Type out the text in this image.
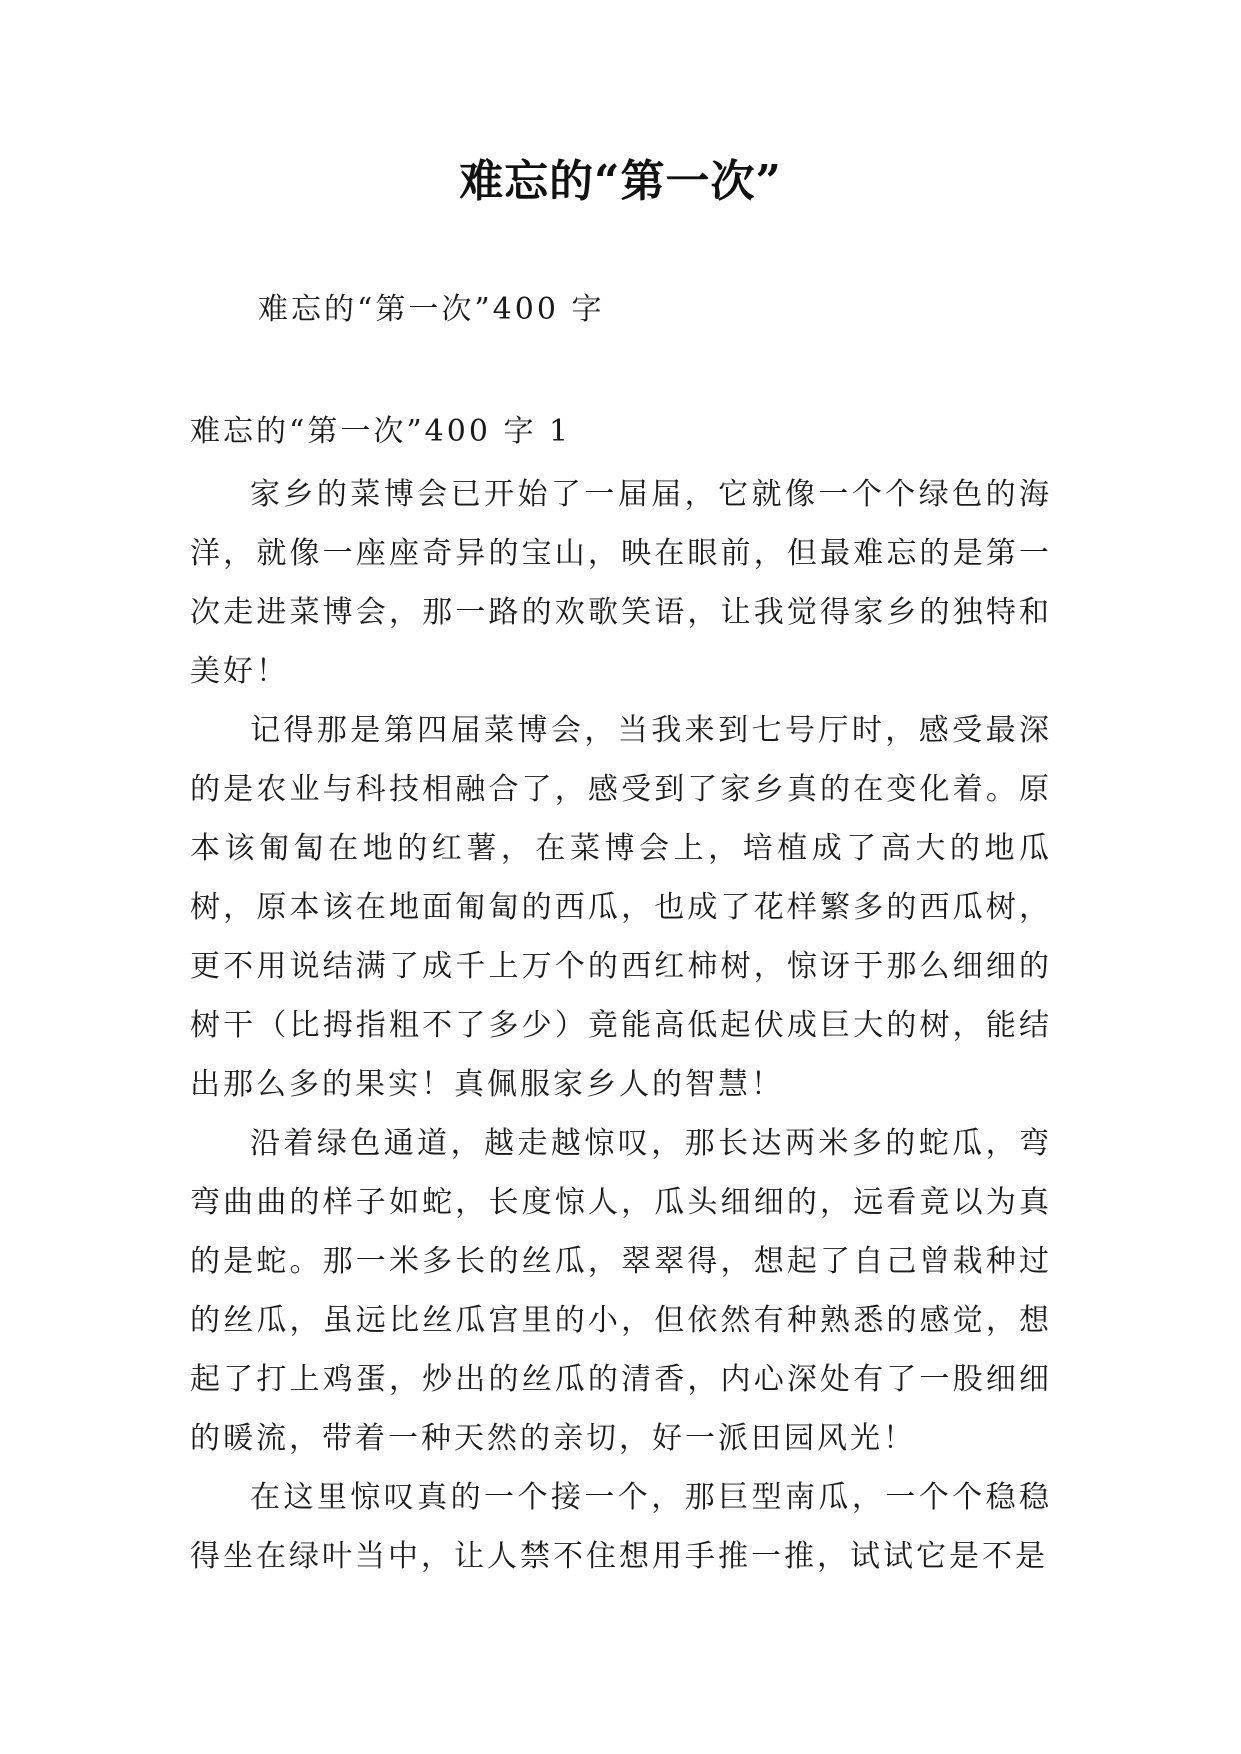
难忘的“第一次”
难忘的“第一次”400 字
难忘的“第一次”400 字 1

家乡的菜博会已开始了一届届，它就像一个个绿色的海洋，就像一座座奇异的宝山，映在眼前，但最难忘的是第一次走进菜博会，那一路的欢歌笑语，让我觉得家乡的独特和美好！

记得那是第四届菜博会，当我来到七号厅时，感受最深的是农业与科技相融合了，感受到了家乡真的在变化着。原本该匍匐在地的红薯，在菜博会上，培植成了高大的地瓜树，原本该在地面匍匐的西瓜，也成了花样繁多的西瓜树，更不用说结满了成千上万个的西红柿树，惊讶于那么细细的树干（比拇指粗不了多少）竟能高低起伏成巨大的树，能结出那么多的果实！真佩服家乡人的智慧！

沿着绿色通道，越走越惊叹，那长达两米多的蛇瓜，弯弯曲曲的样子如蛇，长度惊人，瓜头细细的，远看竟以为真的是蛇。那一米多长的丝瓜，翠翠得，想起了自己曾栽种过的丝瓜，虽远比丝瓜宫里的小，但依然有种熟悉的感觉，想起了打上鸡蛋，炒出的丝瓜的清香，内心深处有了一股细细的暖流，带着一种天然的亲切，好一派田园风光！

在这里惊叹真的一个接一个，那巨型南瓜，一个个稳稳得坐在绿叶当中，让人禁不住想用手推一推，试试它是不是
